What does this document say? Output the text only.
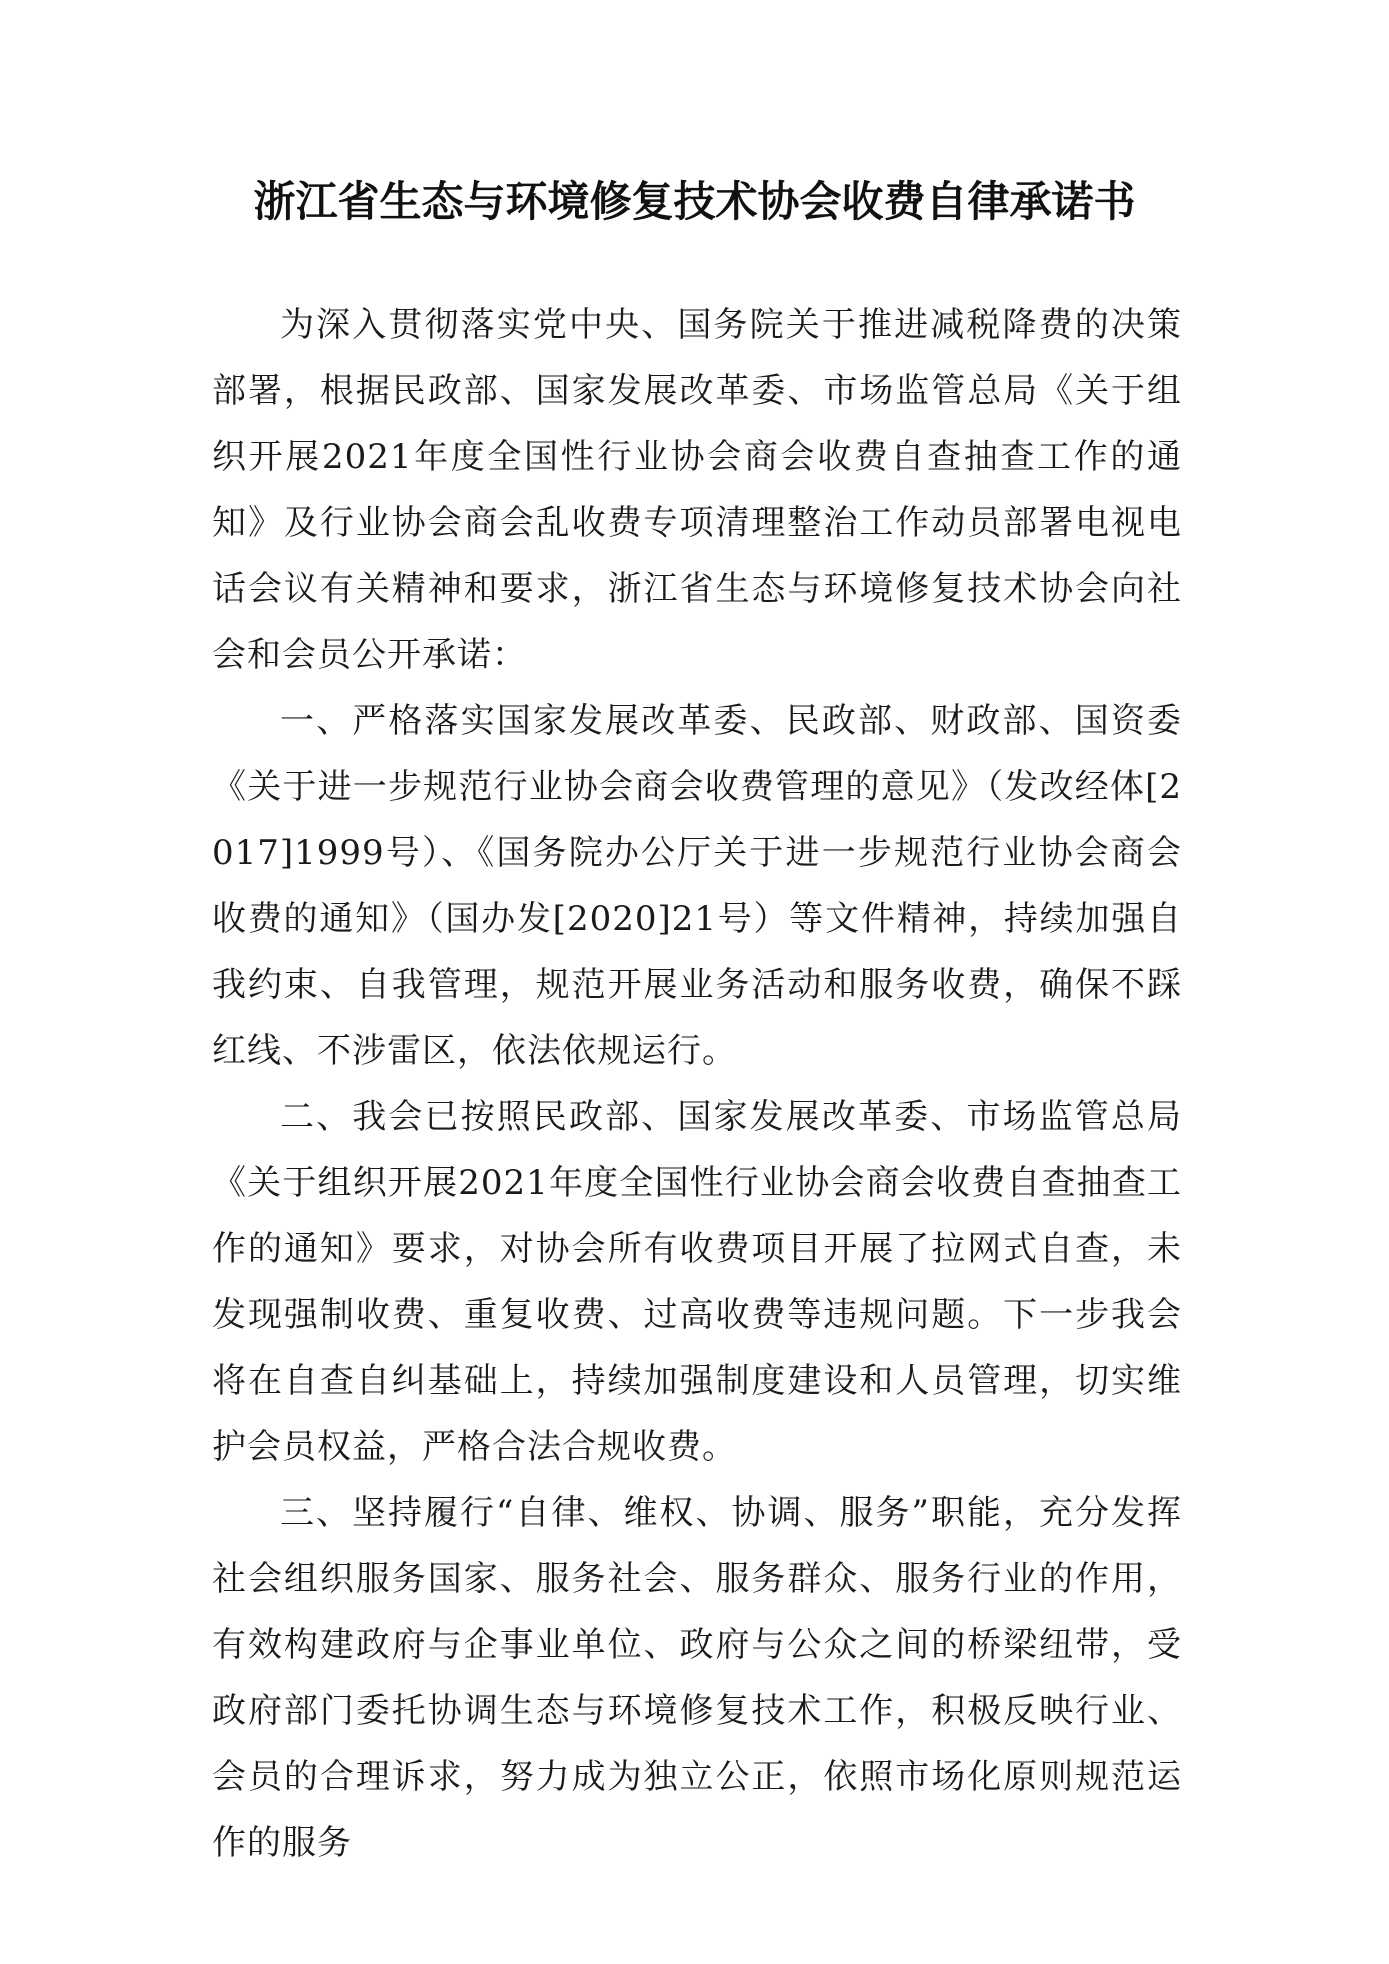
浙江省生态与环境修复技术协会收费自律承诺书

为深入贯彻落实党中央、国务院关于推进减税降费的决策部署，根据民政部、国家发展改革委、市场监管总局《关于组织开展2021年度全国性行业协会商会收费自查抽查工作的通知》及行业协会商会乱收费专项清理整治工作动员部署电视电话会议有关精神和要求，浙江省生态与环境修复技术协会向社会和会员公开承诺：

一、严格落实国家发展改革委、民政部、财政部、国资委《关于进一步规范行业协会商会收费管理的意见》（发改经体[2017]1999号）、《国务院办公厅关于进一步规范行业协会商会收费的通知》（国办发[2020]21号）等文件精神，持续加强自我约束、自我管理，规范开展业务活动和服务收费，确保不踩红线、不涉雷区，依法依规运行。

二、我会已按照民政部、国家发展改革委、市场监管总局《关于组织开展2021年度全国性行业协会商会收费自查抽查工作的通知》要求，对协会所有收费项目开展了拉网式自查，未发现强制收费、重复收费、过高收费等违规问题。下一步我会将在自查自纠基础上，持续加强制度建设和人员管理，切实维护会员权益，严格合法合规收费。

三、坚持履行“自律、维权、协调、服务”职能，充分发挥社会组织服务国家、服务社会、服务群众、服务行业的作用，有效构建政府与企事业单位、政府与公众之间的桥梁纽带，受政府部门委托协调生态与环境修复技术工作，积极反映行业、会员的合理诉求，努力成为独立公正，依照市场化原则规范运作的服务
